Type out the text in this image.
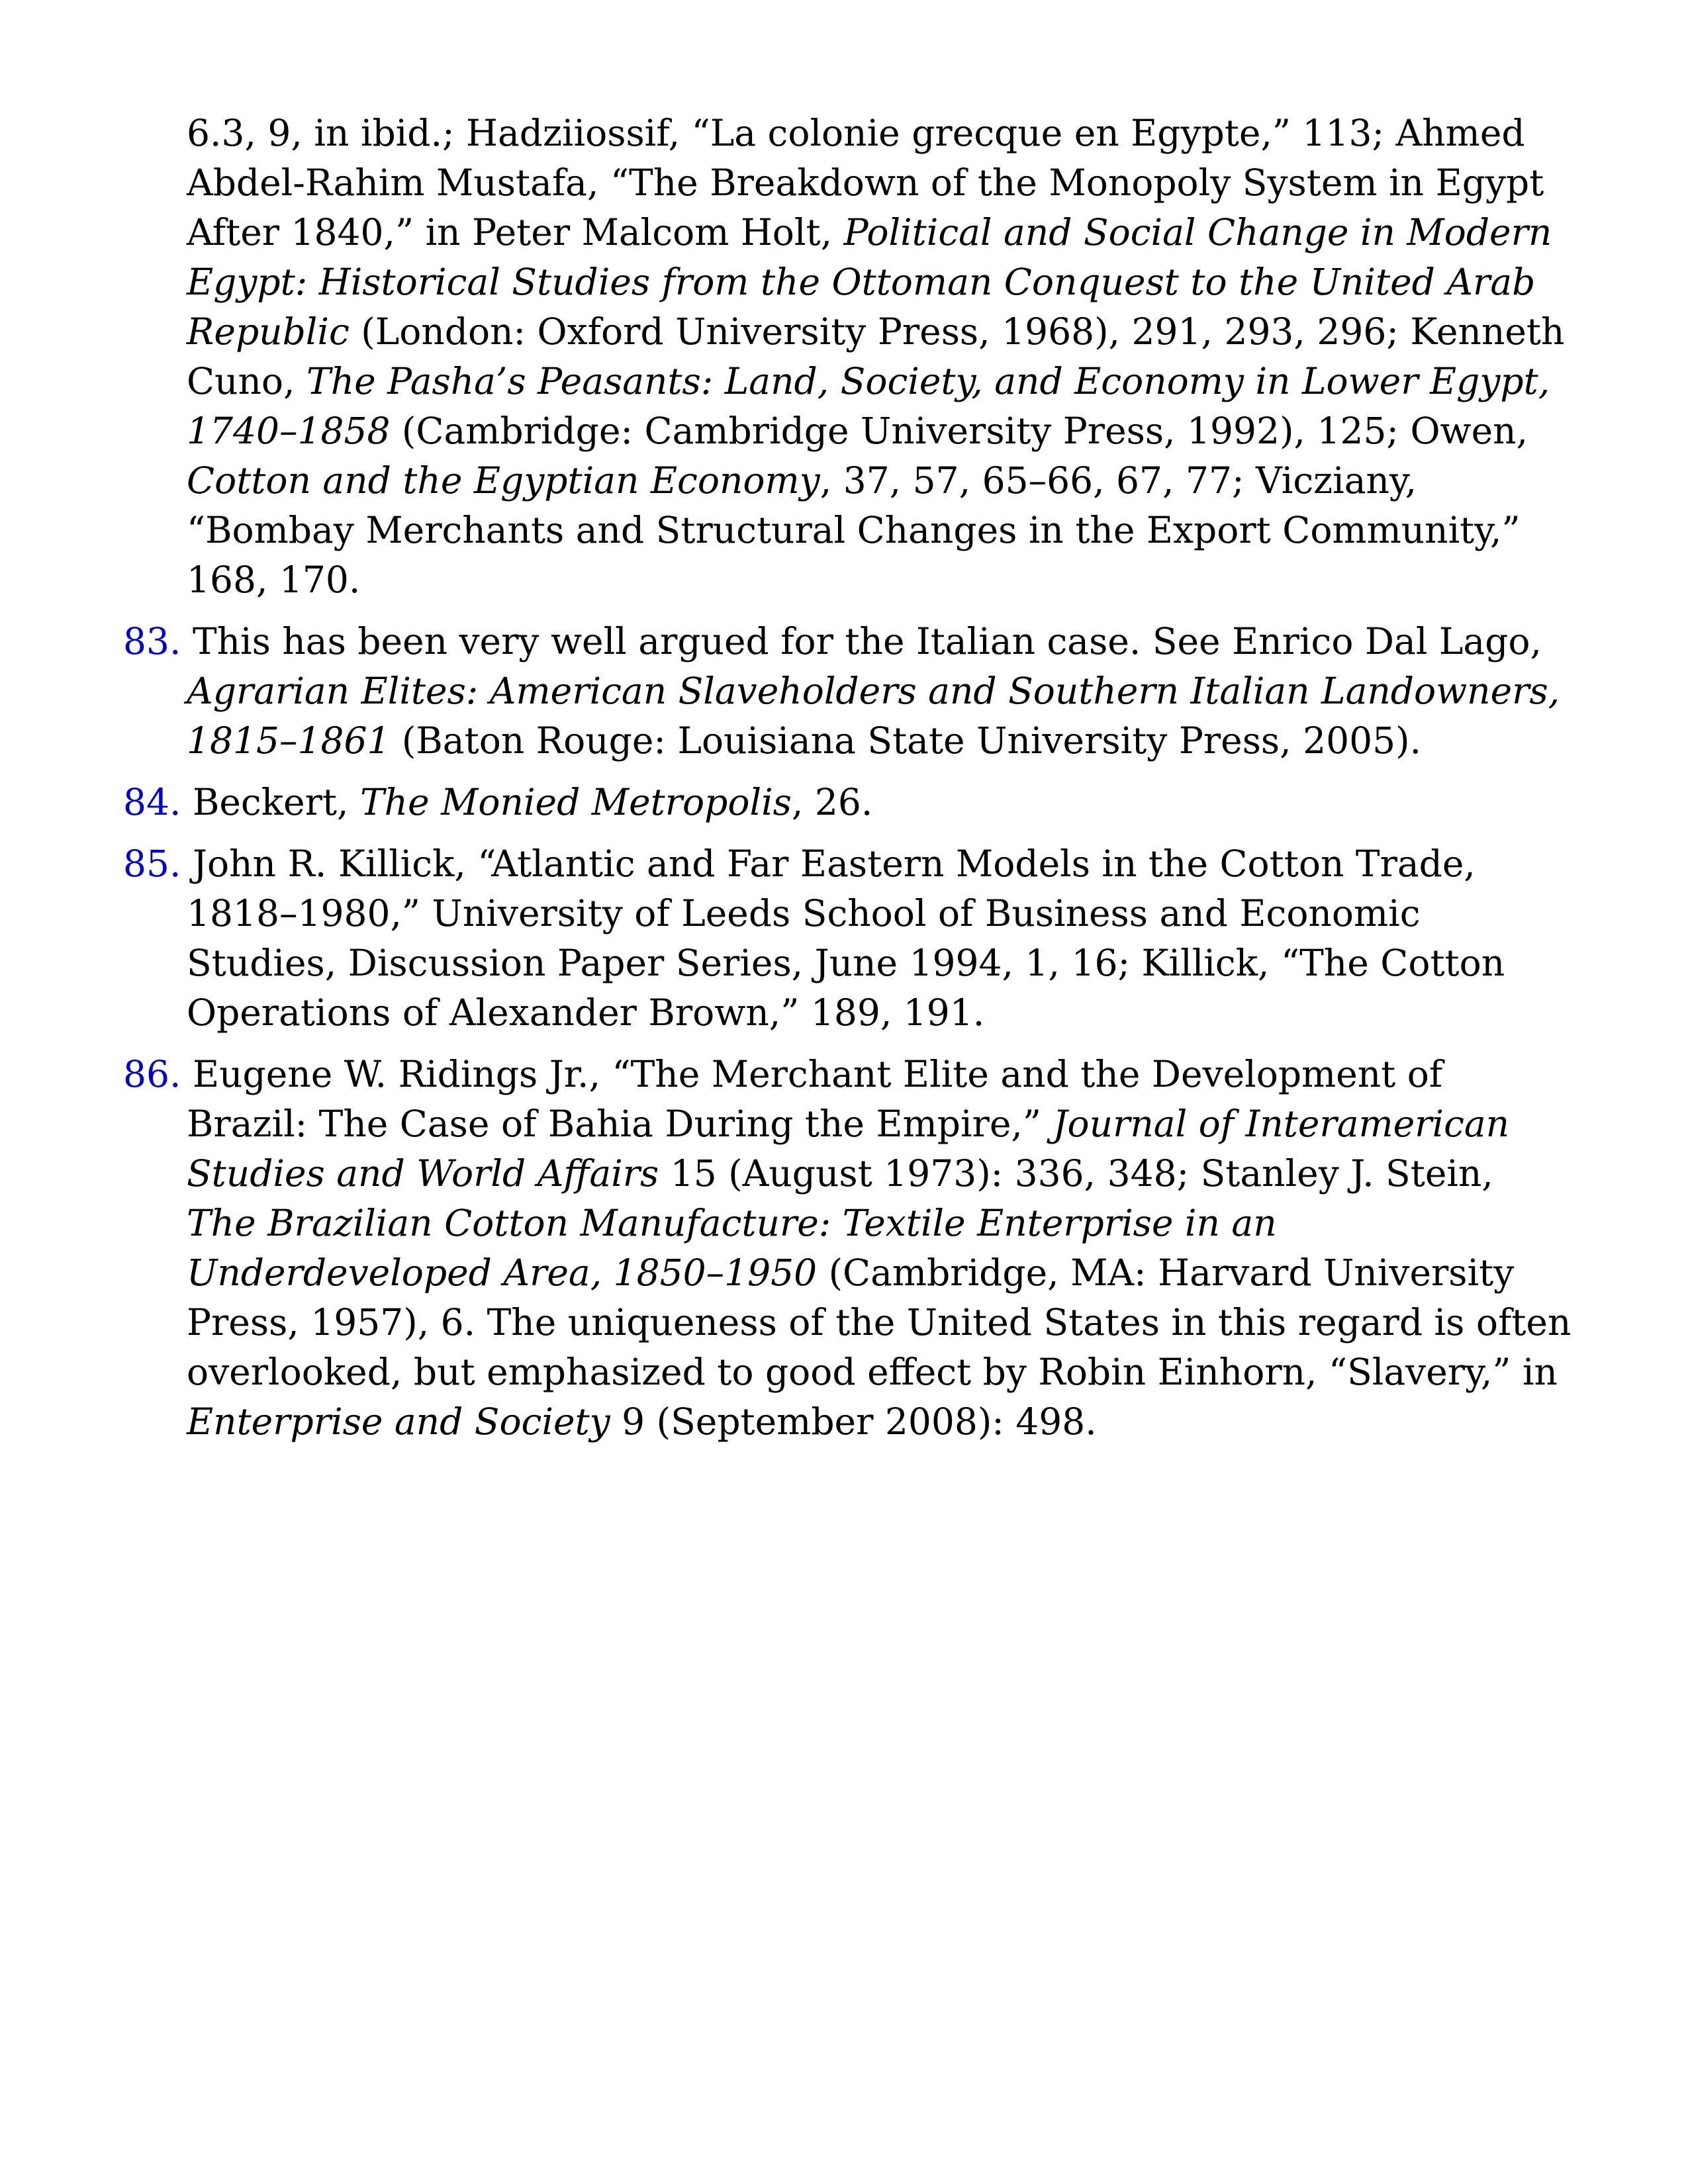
6.3, 9, in ibid.; Hadziiossif, “La colonie grecque en Egypte,” 113; Ahmed Abdel-Rahim Mustafa, “The Breakdown of the Monopoly System in Egypt After 1840,” in Peter Malcom Holt, Political and Social Change in Modern Egypt: Historical Studies from the Ottoman Conquest to the United Arab Republic (London: Oxford University Press, 1968), 291, 293, 296; Kenneth Cuno, The Pasha’s Peasants: Land, Society, and Economy in Lower Egypt, 1740–1858 (Cambridge: Cambridge University Press, 1992), 125; Owen, Cotton and the Egyptian Economy, 37, 57, 65–66, 67, 77; Vicziany, “Bombay Merchants and Structural Changes in the Export Community,” 168, 170.

83. This has been very well argued for the Italian case. See Enrico Dal Lago, Agrarian Elites: American Slaveholders and Southern Italian Landowners, 1815–1861 (Baton Rouge: Louisiana State University Press, 2005).

84. Beckert, The Monied Metropolis, 26.

85. John R. Killick, “Atlantic and Far Eastern Models in the Cotton Trade, 1818–1980,” University of Leeds School of Business and Economic Studies, Discussion Paper Series, June 1994, 1, 16; Killick, “The Cotton Operations of Alexander Brown,” 189, 191.

86. Eugene W. Ridings Jr., “The Merchant Elite and the Development of Brazil: The Case of Bahia During the Empire,” Journal of Interamerican Studies and World Affairs 15 (August 1973): 336, 348; Stanley J. Stein, The Brazilian Cotton Manufacture: Textile Enterprise in an Underdeveloped Area, 1850–1950 (Cambridge, MA: Harvard University Press, 1957), 6. The uniqueness of the United States in this regard is often overlooked, but emphasized to good effect by Robin Einhorn, “Slavery,” in Enterprise and Society 9 (September 2008): 498.
